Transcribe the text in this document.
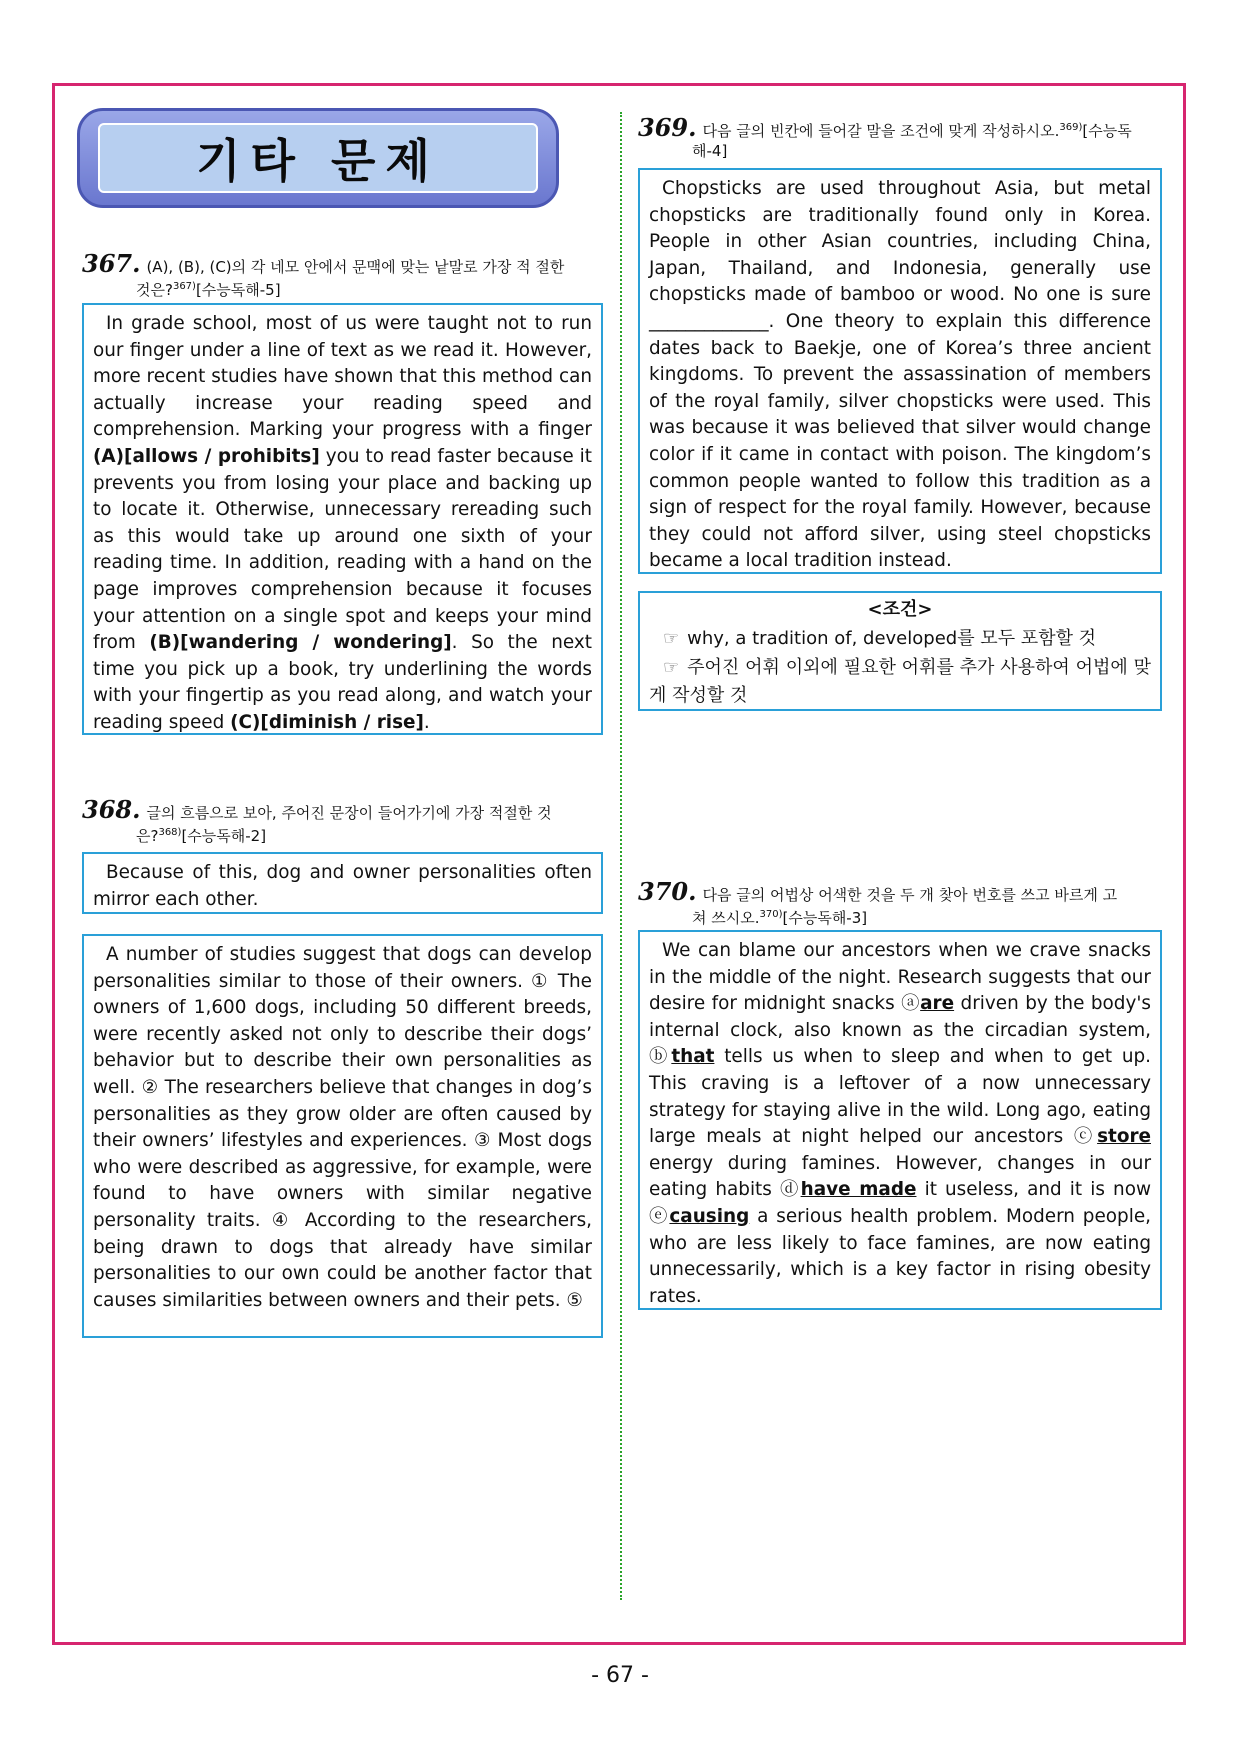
기타 문제
367. (A), (B), (C)의 각 네모 안에서 문맥에 맞는 낱말로 가장 적 절한
것은?$^{367)}$[수능독해-5]

In grade school, most of us were taught not to run our finger under a line of text as we read it. However, more recent studies have shown that this method can actually increase your reading speed and comprehension. Marking your progress with a finger (A)[allows / prohibits] you to read faster because it prevents you from losing your place and backing up to locate it. Otherwise, unnecessary rereading such as this would take up around one sixth of your reading time. In addition, reading with a hand on the page improves comprehension because it focuses your attention on a single spot and keeps your mind from (B)[wandering / wondering]. So the next time you pick up a book, try underlining the words with your fingertip as you read along, and watch your reading speed (C)[diminish / rise].

368. 글의 흐름으로 보아, 주어진 문장이 들어가기에 가장 적절한 것
은?$^{368)}$[수능독해-2]

Because of this, dog and owner personalities often mirror each other.

A number of studies suggest that dogs can develop personalities similar to those of their owners. ① The owners of 1,600 dogs, including 50 different breeds, were recently asked not only to describe their dogs’ behavior but to describe their own personalities as well. ② The researchers believe that changes in dog’s personalities as they grow older are often caused by their owners’ lifestyles and experiences. ③ Most dogs who were described as aggressive, for example, were found to have owners with similar negative personality traits. ④ According to the researchers, being drawn to dogs that already have similar personalities to our own could be another factor that causes similarities between owners and their pets. ⑤

369. 다음 글의 빈칸에 들어갈 말을 조건에 맞게 작성하시오.$^{369)}$[수능독
해-4]

Chopsticks are used throughout Asia, but metal chopsticks are traditionally found only in Korea. People in other Asian countries, including China, Japan, Thailand, and Indonesia, generally use chopsticks made of bamboo or wood. No one is sure _____________. One theory to explain this difference dates back to Baekje, one of Korea’s three ancient kingdoms. To prevent the assassination of members of the royal family, silver chopsticks were used. This was because it was believed that silver would change color if it came in contact with poison. The kingdom’s common people wanted to follow this tradition as a sign of respect for the royal family. However, because they could not afford silver, using steel chopsticks became a local tradition instead.

<조건>
☞ why, a tradition of, developed를 모두 포함할 것
☞ 주어진 어휘 이외에 필요한 어휘를 추가 사용하여 어법에 맞게 작성할 것
370. 다음 글의 어법상 어색한 것을 두 개 찾아 번호를 쓰고 바르게 고
쳐 쓰시오.$^{370)}$[수능독해-3]

We can blame our ancestors when we crave snacks in the middle of the night. Research suggests that our desire for midnight snacks ⓐare driven by the body's internal clock, also known as the circadian system, ⓑthat tells us when to sleep and when to get up. This craving is a leftover of a now unnecessary strategy for staying alive in the wild. Long ago, eating large meals at night helped our ancestors ⓒstore energy during famines. However, changes in our eating habits ⓓhave made it useless, and it is now ⓔcausing a serious health problem. Modern people, who are less likely to face famines, are now eating unnecessarily, which is a key factor in rising obesity rates.

- 67 -
